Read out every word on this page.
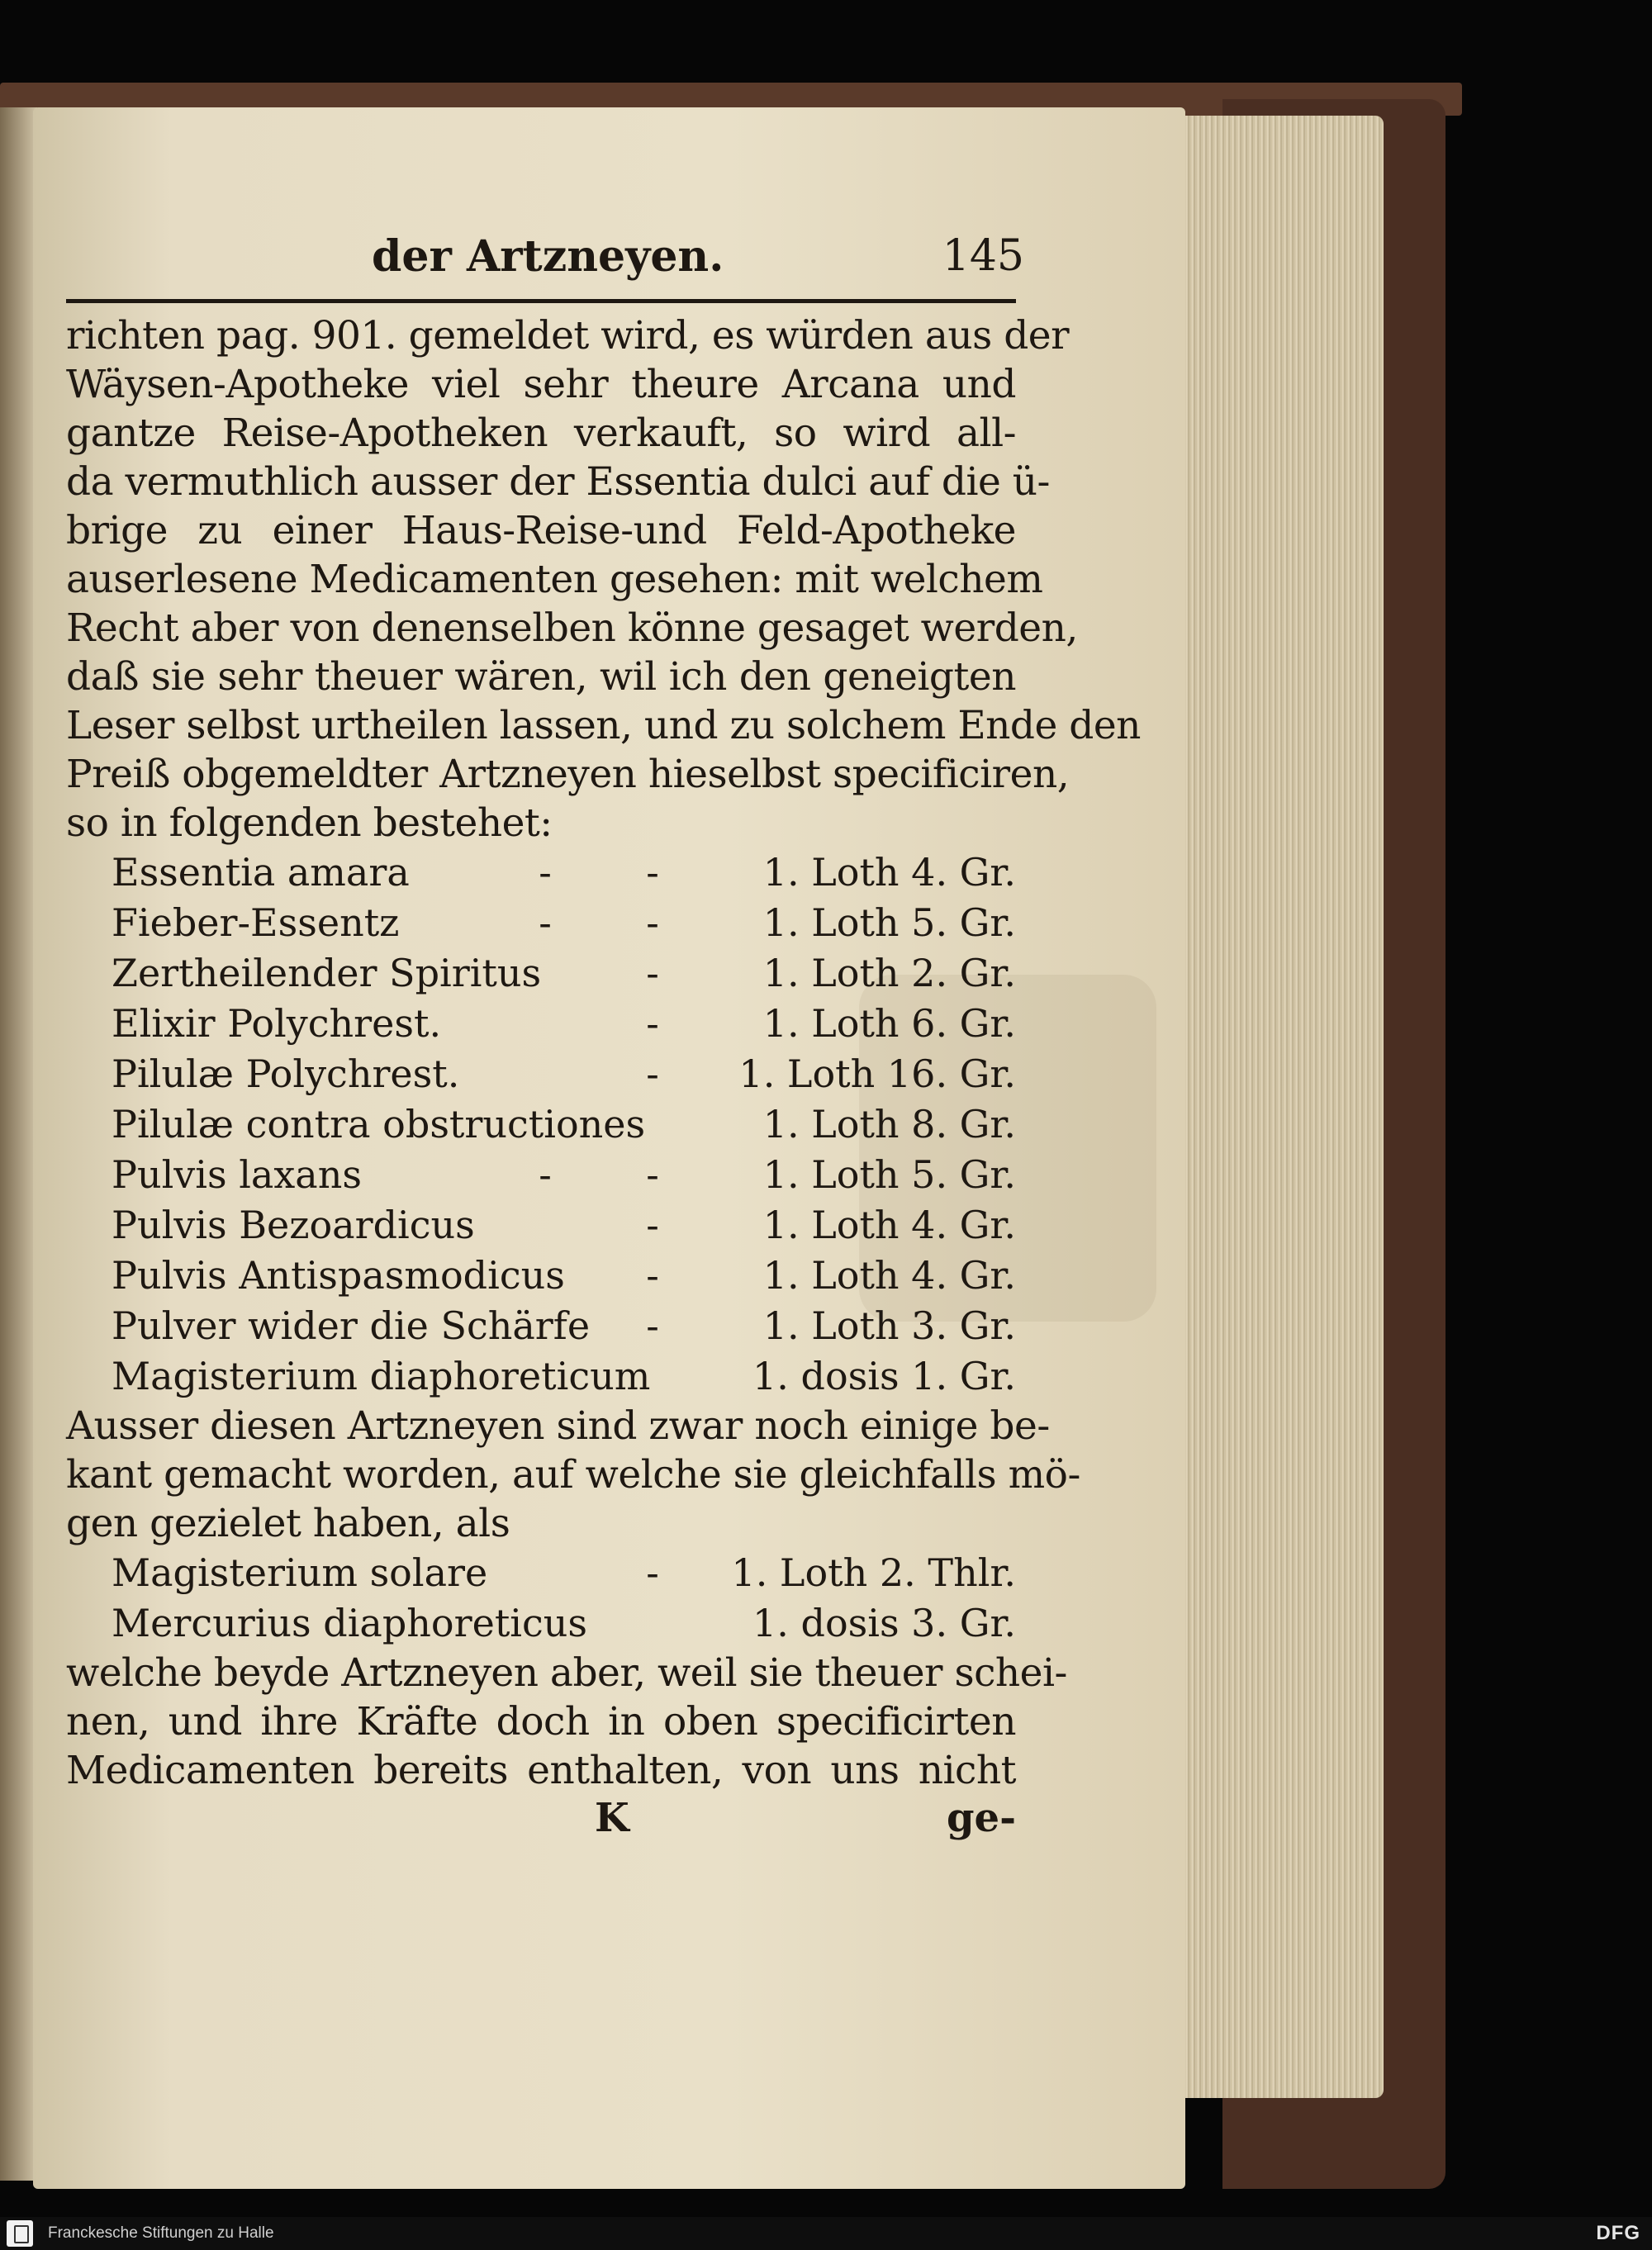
der Artzneyen.	145
richten pag. 901. gemeldet wird, es würden aus der
Wäysen-Apotheke viel sehr theure Arcana und
gantze Reise-Apotheken verkauft, so wird all-
da vermuthlich ausser der Essentia dulci auf die ü-
brige zu einer Haus-Reise-und Feld-Apotheke
auserlesene Medicamenten gesehen: mit welchem
Recht aber von denenselben könne gesaget werden,
daß sie sehr theuer wären, wil ich den geneigten
Leser selbst urtheilen lassen, und zu solchem Ende den
Preiß obgemeldter Artzneyen hieselbst specificiren,
so in folgenden bestehet:
Essentia amara	-	-	1. Loth 4. Gr.
Fieber-Essentz	-	-	1. Loth 5. Gr.
Zertheilender Spiritus	-	1. Loth 2. Gr.
Elixir Polychrest.	-	1. Loth 6. Gr.
Pilulæ Polychrest.	-	1. Loth 16. Gr.
Pilulæ contra obstructiones	1. Loth 8. Gr.
Pulvis laxans	-	-	1. Loth 5. Gr.
Pulvis Bezoardicus	-	1. Loth 4. Gr.
Pulvis Antispasmodicus	-	1. Loth 4. Gr.
Pulver wider die Schärfe	-	1. Loth 3. Gr.
Magisterium diaphoreticum	1. dosis 1. Gr.
Ausser diesen Artzneyen sind zwar noch einige be-
kant gemacht worden, auf welche sie gleichfalls mö-
gen gezielet haben, als
Magisterium solare	-	1. Loth 2. Thlr.
Mercurius diaphoreticus	1. dosis 3. Gr.
welche beyde Artzneyen aber, weil sie theuer schei-
nen, und ihre Kräfte doch in oben specificirten
Medicamenten bereits enthalten, von uns nicht
K	ge-
Franckesche Stiftungen zu Halle	DFG
